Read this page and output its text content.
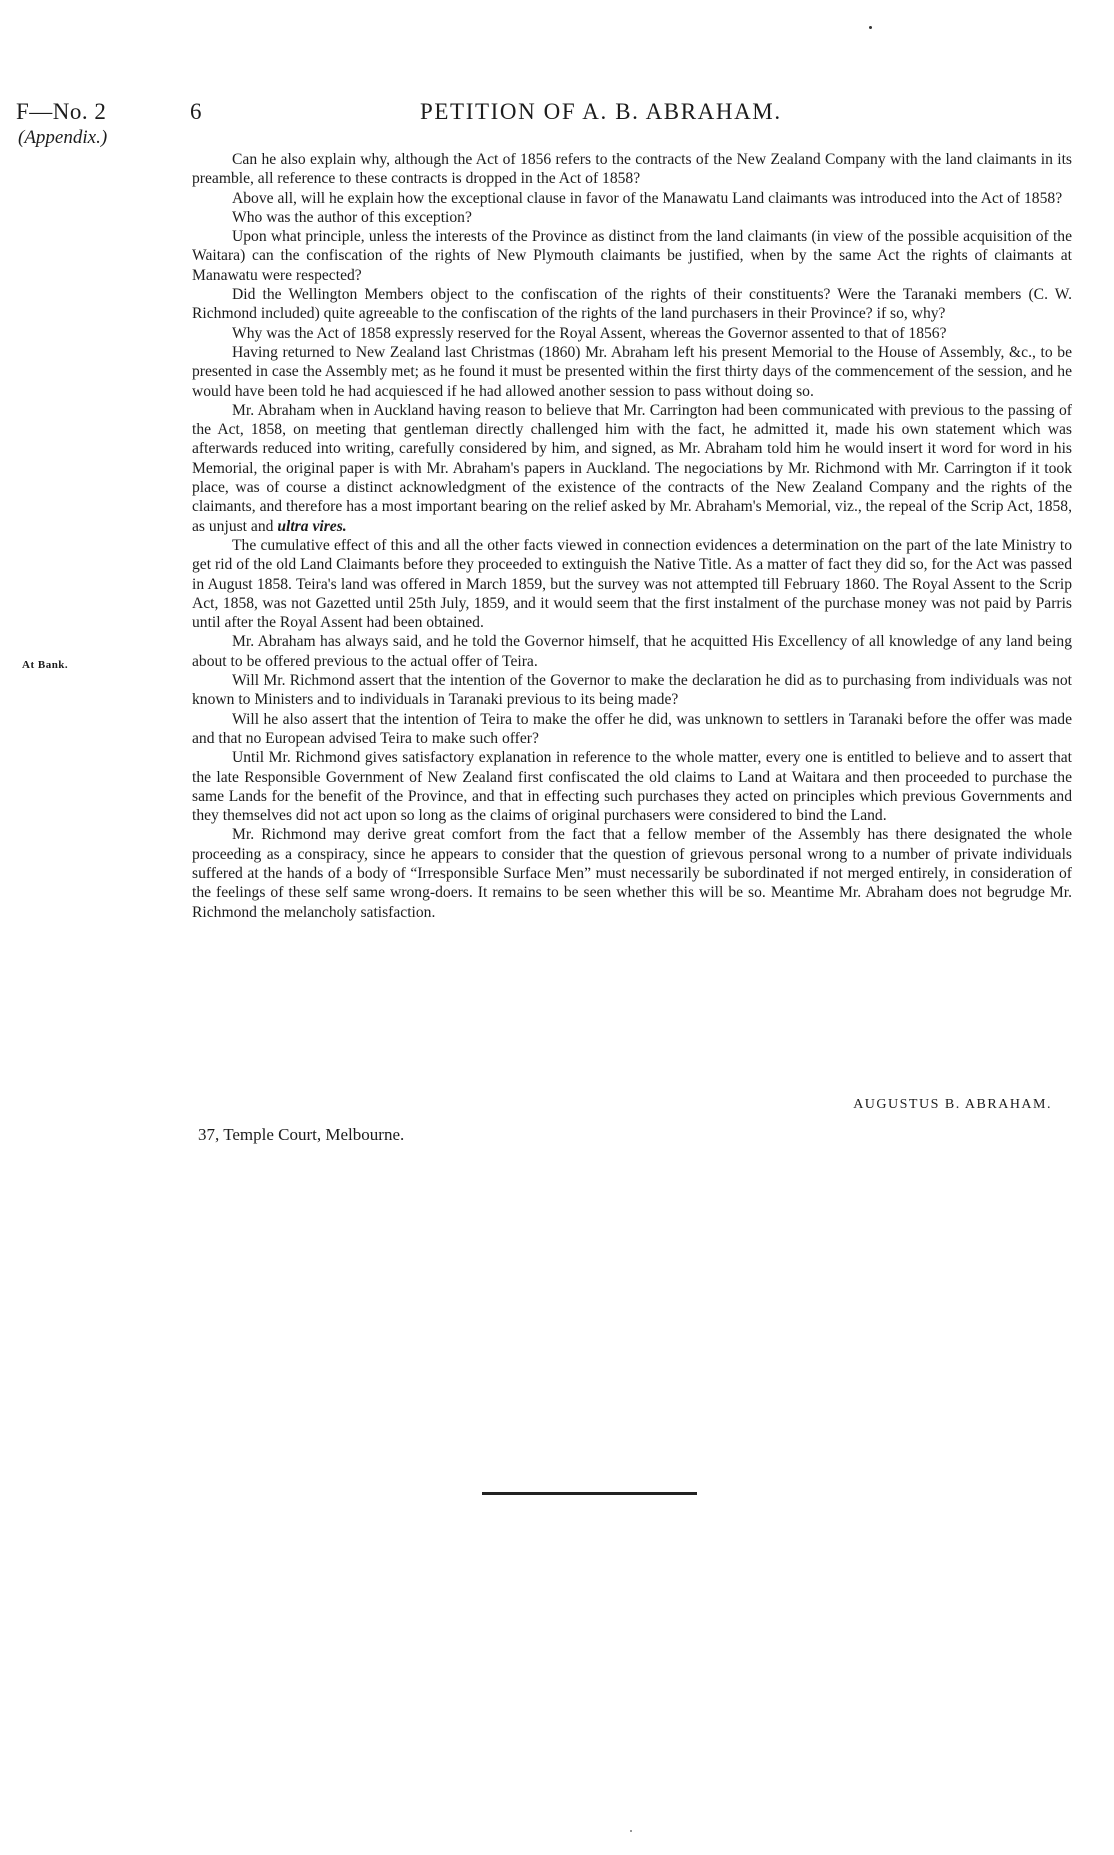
F—No. 2
(Appendix.)
6	PETITION OF A. B. ABRAHAM.
At Bank.

Can he also explain why, although the Act of 1856 refers to the contracts of the New Zealand Company with the land claimants in its preamble, all reference to these contracts is dropped in the Act of 1858?

Above all, will he explain how the exceptional clause in favor of the Manawatu Land claimants was introduced into the Act of 1858?

Who was the author of this exception?

Upon what principle, unless the interests of the Province as distinct from the land claimants (in view of the possible acquisition of the Waitara) can the confiscation of the rights of New Plymouth claimants be justified, when by the same Act the rights of claimants at Manawatu were respected?

Did the Wellington Members object to the confiscation of the rights of their constituents? Were the Taranaki members (C. W. Richmond included) quite agreeable to the confiscation of the rights of the land purchasers in their Province? if so, why?

Why was the Act of 1858 expressly reserved for the Royal Assent, whereas the Governor assented to that of 1856?

Having returned to New Zealand last Christmas (1860) Mr. Abraham left his present Memorial to the House of Assembly, &c., to be presented in case the Assembly met; as he found it must be presented within the first thirty days of the commencement of the session, and he would have been told he had acquiesced if he had allowed another session to pass without doing so.

Mr. Abraham when in Auckland having reason to believe that Mr. Carrington had been communicated with previous to the passing of the Act, 1858, on meeting that gentleman directly challenged him with the fact, he admitted it, made his own statement which was afterwards reduced into writing, carefully considered by him, and signed, as Mr. Abraham told him he would insert it word for word in his Memorial, the original paper is with Mr. Abraham's papers in Auckland. The negociations by Mr. Richmond with Mr. Carrington if it took place, was of course a distinct acknowledgment of the existence of the contracts of the New Zealand Company and the rights of the claimants, and therefore has a most important bearing on the relief asked by Mr. Abraham's Memorial, viz., the repeal of the Scrip Act, 1858, as unjust and ultra vires.

The cumulative effect of this and all the other facts viewed in connection evidences a determination on the part of the late Ministry to get rid of the old Land Claimants before they proceeded to extinguish the Native Title. As a matter of fact they did so, for the Act was passed in August 1858. Teira's land was offered in March 1859, but the survey was not attempted till February 1860. The Royal Assent to the Scrip Act, 1858, was not Gazetted until 25th July, 1859, and it would seem that the first instalment of the purchase money was not paid by Parris until after the Royal Assent had been obtained.

Mr. Abraham has always said, and he told the Governor himself, that he acquitted His Excellency of all knowledge of any land being about to be offered previous to the actual offer of Teira.

Will Mr. Richmond assert that the intention of the Governor to make the declaration he did as to purchasing from individuals was not known to Ministers and to individuals in Taranaki previous to its being made?

Will he also assert that the intention of Teira to make the offer he did, was unknown to settlers in Taranaki before the offer was made and that no European advised Teira to make such offer?

Until Mr. Richmond gives satisfactory explanation in reference to the whole matter, every one is entitled to believe and to assert that the late Responsible Government of New Zealand first confiscated the old claims to Land at Waitara and then proceeded to purchase the same Lands for the benefit of the Province, and that in effecting such purchases they acted on principles which previous Governments and they themselves did not act upon so long as the claims of original purchasers were considered to bind the Land.

Mr. Richmond may derive great comfort from the fact that a fellow member of the Assembly has there designated the whole proceeding as a conspiracy, since he appears to consider that the question of grievous personal wrong to a number of private individuals suffered at the hands of a body of “Irresponsible Surface Men” must necessarily be subordinated if not merged entirely, in consideration of the feelings of these self same wrong-doers. It remains to be seen whether this will be so. Meantime Mr. Abraham does not begrudge Mr. Richmond the melancholy satisfaction.

AUGUSTUS B. ABRAHAM.
37, Temple Court, Melbourne.
